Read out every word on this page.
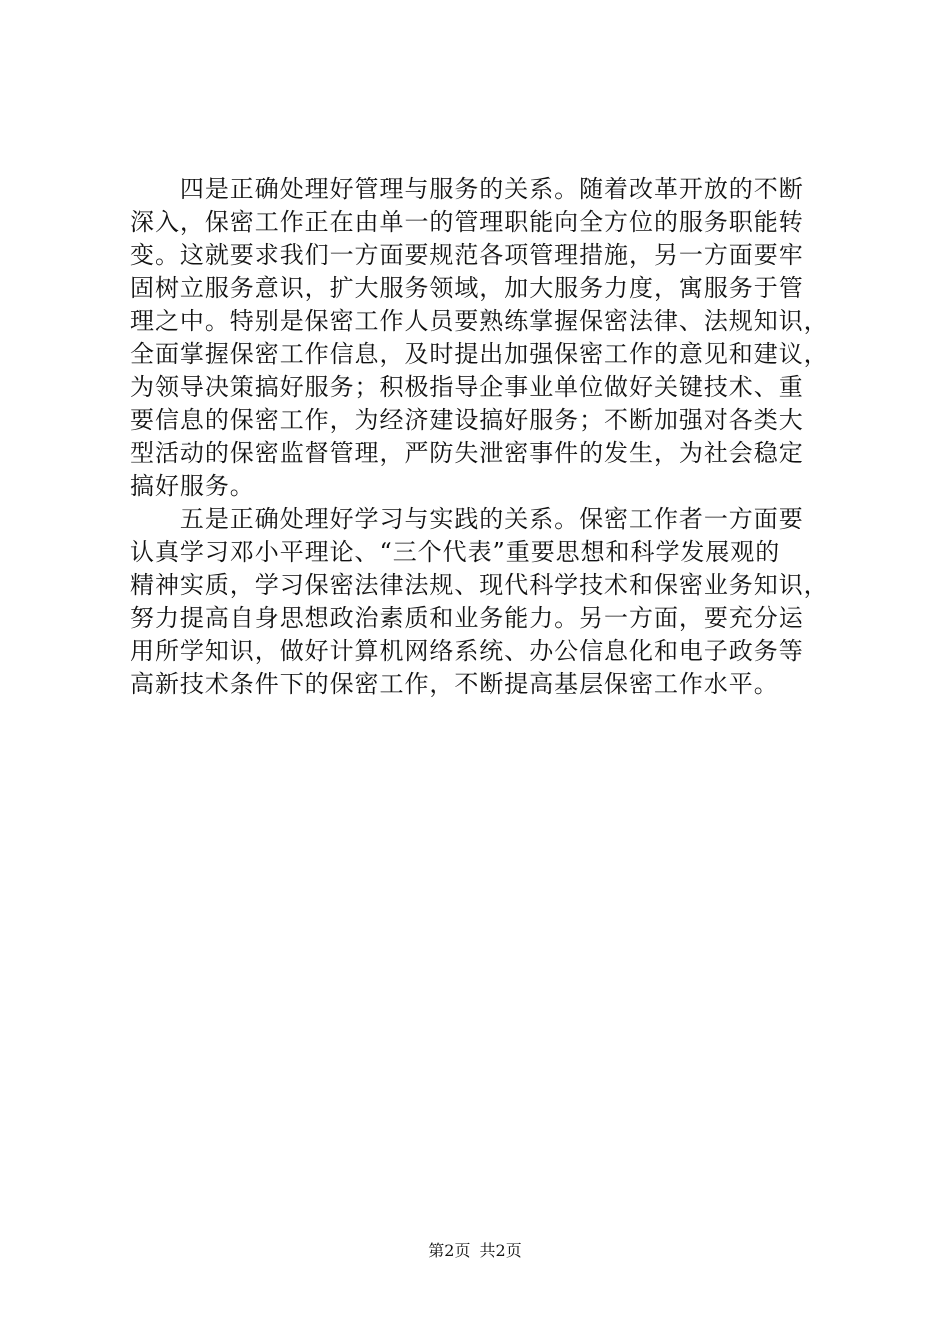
　　四是正确处理好管理与服务的关系。随着改革开放的不断
深入，保密工作正在由单一的管理职能向全方位的服务职能转
变。这就要求我们一方面要规范各项管理措施，另一方面要牢
固树立服务意识，扩大服务领域，加大服务力度，寓服务于管
理之中。特别是保密工作人员要熟练掌握保密法律、法规知识，
全面掌握保密工作信息，及时提出加强保密工作的意见和建议，
为领导决策搞好服务；积极指导企事业单位做好关键技术、重
要信息的保密工作，为经济建设搞好服务；不断加强对各类大
型活动的保密监督管理，严防失泄密事件的发生，为社会稳定
搞好服务。
　　五是正确处理好学习与实践的关系。保密工作者一方面要
认真学习邓小平理论、“三个代表”重要思想和科学发展观的
精神实质，学习保密法律法规、现代科学技术和保密业务知识，
努力提高自身思想政治素质和业务能力。另一方面，要充分运
用所学知识，做好计算机网络系统、办公信息化和电子政务等
高新技术条件下的保密工作，不断提高基层保密工作水平。
第2页 共2页
